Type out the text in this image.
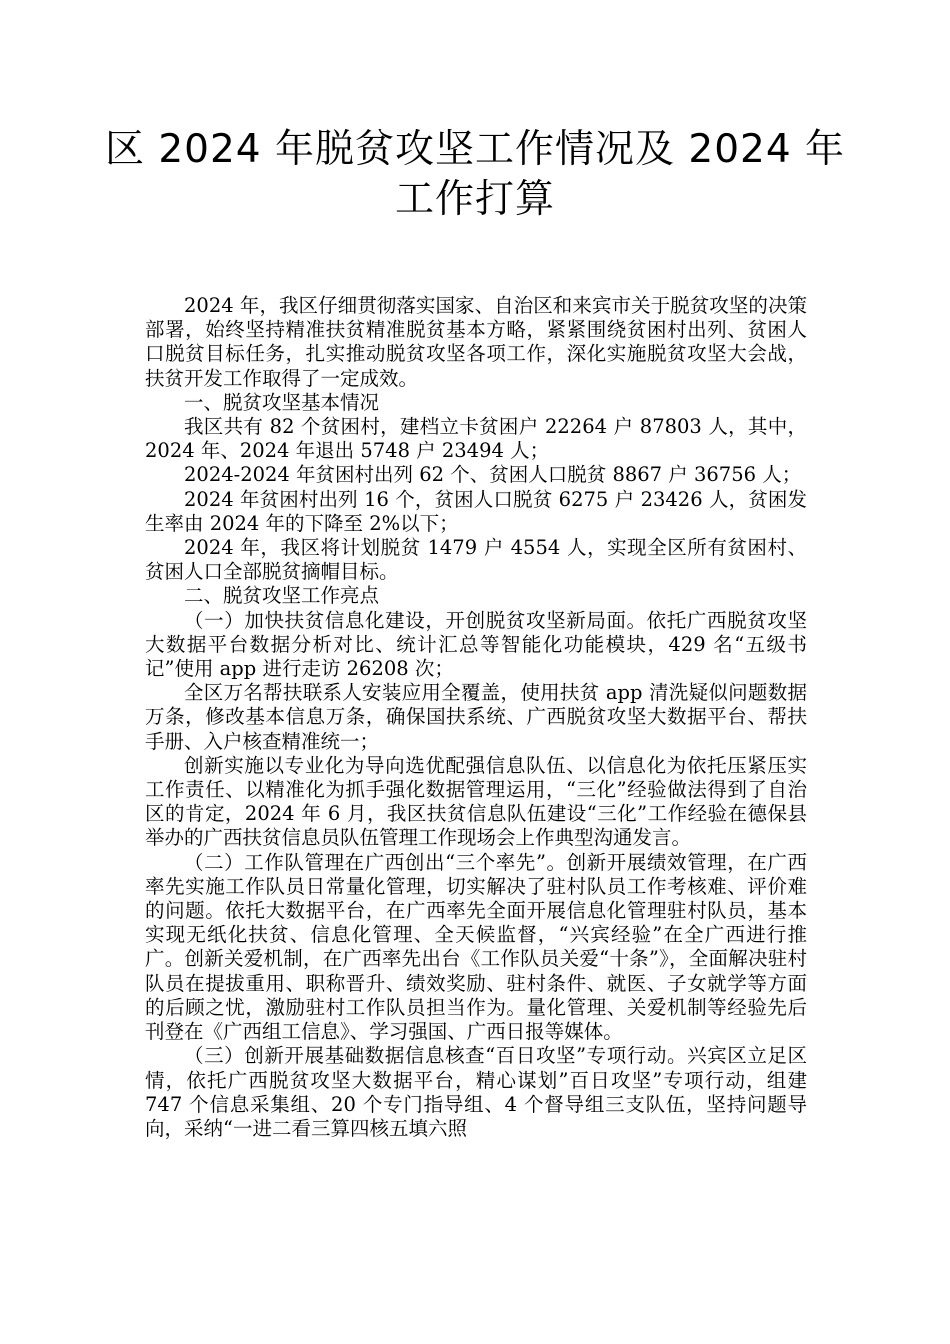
区 2024 年脱贫攻坚工作情况及 2024 年
工作打算

2024 年，我区仔细贯彻落实国家、自治区和来宾市关于脱贫攻坚的决策部署，始终坚持精准扶贫精准脱贫基本方略，紧紧围绕贫困村出列、贫困人口脱贫目标任务，扎实推动脱贫攻坚各项工作，深化实施脱贫攻坚大会战，扶贫开发工作取得了一定成效。

一、脱贫攻坚基本情况

我区共有 82 个贫困村，建档立卡贫困户 22264 户 87803 人，其中，2024 年、2024 年退出 5748 户 23494 人；

2024-2024 年贫困村出列 62 个、贫困人口脱贫 8867 户 36756 人；

2024 年贫困村出列 16 个，贫困人口脱贫 6275 户 23426 人，贫困发生率由 2024 年的下降至 2%以下；

2024 年，我区将计划脱贫 1479 户 4554 人，实现全区所有贫困村、贫困人口全部脱贫摘帽目标。

二、脱贫攻坚工作亮点

（一）加快扶贫信息化建设，开创脱贫攻坚新局面。依托广西脱贫攻坚大数据平台数据分析对比、统计汇总等智能化功能模块，429 名“五级书记”使用 app 进行走访 26208 次；

全区万名帮扶联系人安装应用全覆盖，使用扶贫 app 清洗疑似问题数据万条，修改基本信息万条，确保国扶系统、广西脱贫攻坚大数据平台、帮扶手册、入户核查精准统一；

创新实施以专业化为导向选优配强信息队伍、以信息化为依托压紧压实工作责任、以精准化为抓手强化数据管理运用，“三化”经验做法得到了自治区的肯定，2024 年 6 月，我区扶贫信息队伍建设“三化”工作经验在德保县举办的广西扶贫信息员队伍管理工作现场会上作典型沟通发言。

（二）工作队管理在广西创出“三个率先”。创新开展绩效管理，在广西率先实施工作队员日常量化管理，切实解决了驻村队员工作考核难、评价难的问题。依托大数据平台，在广西率先全面开展信息化管理驻村队员，基本实现无纸化扶贫、信息化管理、全天候监督，“兴宾经验”在全广西进行推广。创新关爱机制，在广西率先出台《工作队员关爱“十条”》，全面解决驻村队员在提拔重用、职称晋升、绩效奖励、驻村条件、就医、子女就学等方面的后顾之忧，激励驻村工作队员担当作为。量化管理、关爱机制等经验先后刊登在《广西组工信息》、学习强国、广西日报等媒体。

（三）创新开展基础数据信息核查“百日攻坚”专项行动。兴宾区立足区情，依托广西脱贫攻坚大数据平台，精心谋划”百日攻坚”专项行动，组建 747 个信息采集组、20 个专门指导组、4 个督导组三支队伍，坚持问题导向，采纳“一进二看三算四核五填六照
